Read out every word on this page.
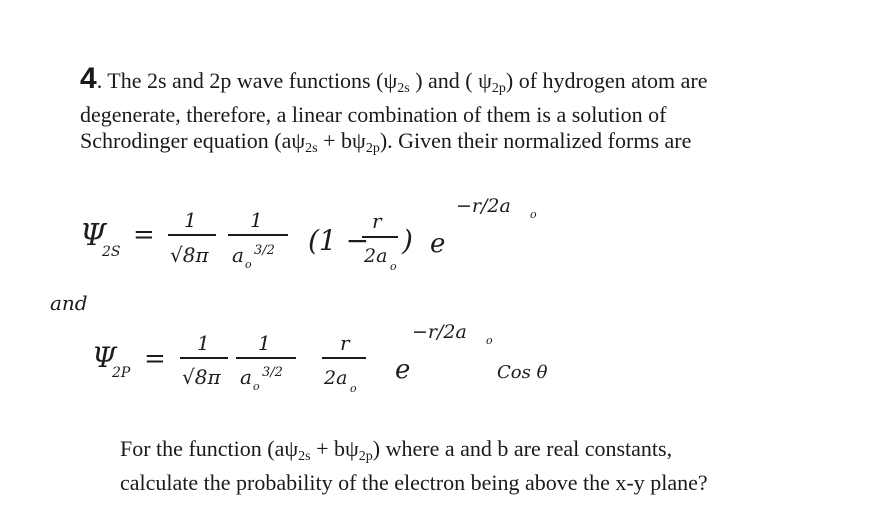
4. The 2s and 2p wave functions (ψ2s ) and ( ψ2p) of hydrogen atom are
degenerate, therefore, a linear combination of them is a solution of
Schrodinger equation (aψ2s + bψ2p). Given their normalized forms are
Ψ
2S
= 1
√8π
1
a o
3/2 (1 −
r
2a o
) e
−r/2a o
and
Ψ
2P =
1
√8π
1
a o
3/2
r
2a o
e
−r/2a o
Cos θ
For the function (aψ2s + bψ2p) where a and b are real constants,
calculate the probability of the electron being above the x-y plane?
